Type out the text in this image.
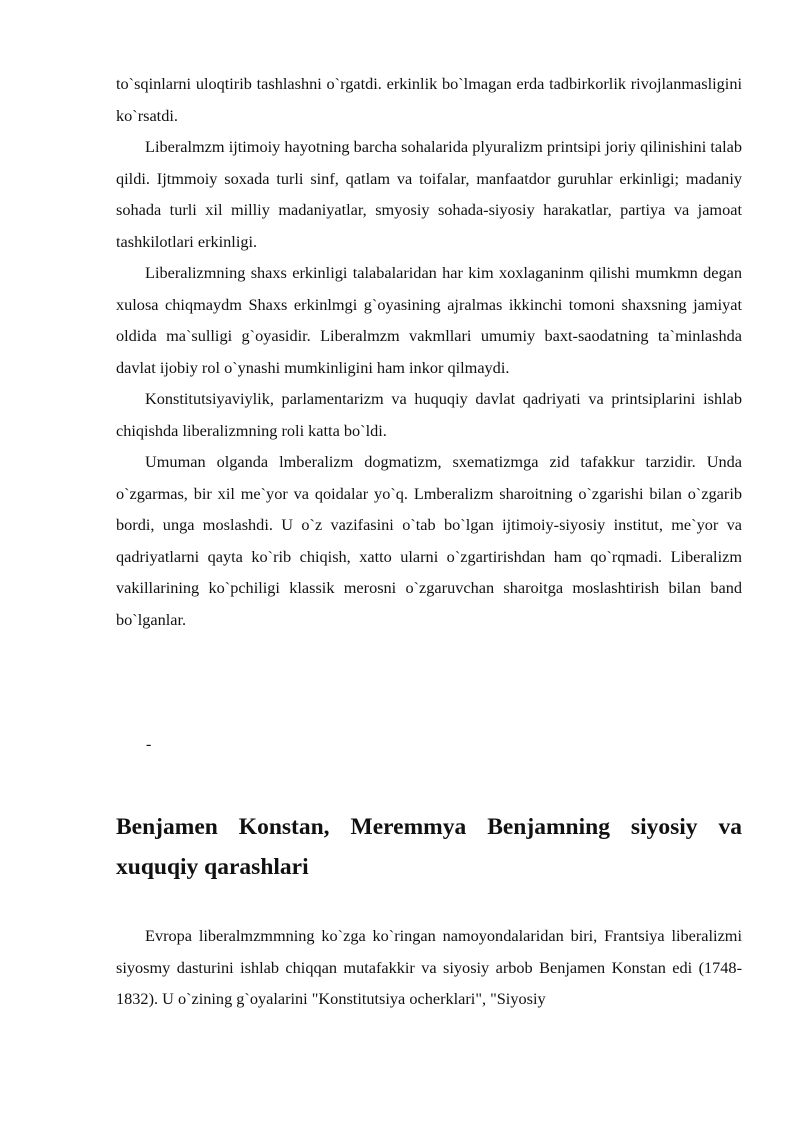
to`sqinlarni uloqtirib tashlashni o`rgatdi. erkinlik bo`lmagan erda tadbirkorlik rivojlanmasligini ko`rsatdi.

Liberalmzm ijtimoiy hayotning barcha sohalarida plyuralizm printsipi joriy qilinishini talab qildi. Ijtmmoiy soxada turli sinf, qatlam va toifalar, manfaatdor guruhlar erkinligi; madaniy sohada turli xil milliy madaniyatlar, smyosiy sohada-siyosiy harakatlar, partiya va jamoat tashkilotlari erkinligi.

Liberalizmning shaxs erkinligi talabalaridan har kim xoxlaganinm qilishi mumkmn degan xulosa chiqmaydm Shaxs erkinlmgi g`oyasining ajralmas ikkinchi tomoni shaxsning jamiyat oldida ma`sulligi g`oyasidir. Liberalmzm vakmllari umumiy baxt-saodatning ta`minlashda davlat ijobiy rol o`ynashi mumkinligini ham inkor qilmaydi.

Konstitutsiyaviylik, parlamentarizm va huquqiy davlat qadriyati va printsiplarini ishlab chiqishda liberalizmning roli katta bo`ldi.

Umuman olganda lmberalizm dogmatizm, sxematizmga zid tafakkur tarzidir. Unda o`zgarmas, bir xil me`yor va qoidalar yo`q. Lmberalizm sharoitning o`zgarishi bilan o`zgarib bordi, unga moslashdi. U o`z vazifasini o`tab bo`lgan ijtimoiy-siyosiy institut, me`yor va qadriyatlarni qayta ko`rib chiqish, xatto ularni o`zgartirishdan ham qo`rqmadi. Liberalizm vakillarining ko`pchiligi klassik merosni o`zgaruvchan sharoitga moslashtirish bilan band bo`lganlar.

-

Benjamen Konstan, Meremmya Benjamning siyosiy va xuquqiy qarashlari

Evropa liberalmzmmning ko`zga ko`ringan namoyondalaridan biri, Frantsiya liberalizmi siyosmy dasturini ishlab chiqqan mutafakkir va siyosiy arbob Benjamen Konstan edi (1748-1832). U o`zining g`oyalarini "Konstitutsiya ocherklari", "Siyosiy
